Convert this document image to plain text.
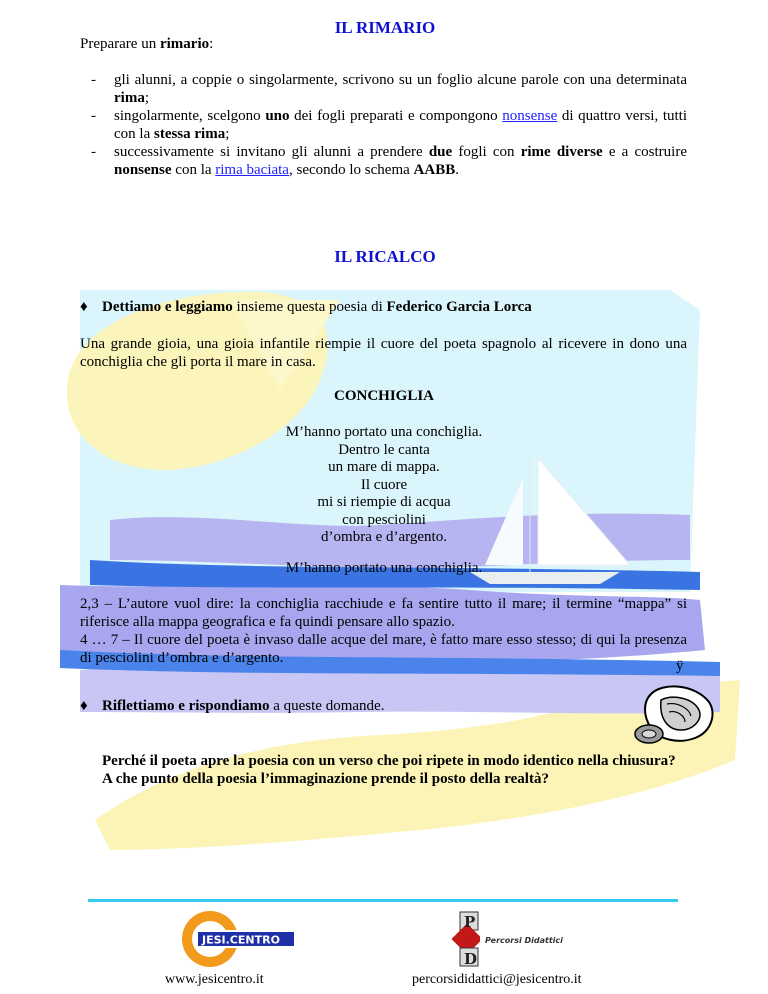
IL RIMARIO

Preparare un rimario:

- gli alunni, a coppie o singolarmente, scrivono su un foglio alcune parole con una determinata rima;
- singolarmente, scelgono uno dei fogli preparati e compongono nonsense di quattro versi, tutti con la stessa rima;
- successivamente si invitano gli alunni a prendere due fogli con rime diverse e a costruire nonsense con la rima baciata, secondo lo schema AABB.
IL RICALCO

♦ Dettiamo e leggiamo insieme questa poesia di Federico Garcia Lorca

Una grande gioia, una gioia infantile riempie il cuore del poeta spagnolo al ricevere in dono una conchiglia che gli porta il mare in casa.

CONCHIGLIA
M’hanno portato una conchiglia.
Dentro le canta
un mare di mappa.
Il cuore
mi si riempie di acqua
con pesciolini
d’ombra e d’argento.
M’hanno portato una conchiglia.

2,3 – L’autore vuol dire: la conchiglia racchiude e fa sentire tutto il mare; il termine “mappa” si riferisce alla mappa geografica e fa quindi pensare allo spazio.

4 … 7 – Il cuore del poeta è invaso dalle acque del mare, è fatto mare esso stesso; di qui la presenza di pesciolini d’ombra e d’argento.	ÿ

♦ Riflettiamo e rispondiamo a queste domande.

Perché il poeta apre la poesia con un verso che poi ripete in modo identico nella chiusura?
A che punto della poesia l’immaginazione prende il posto della realtà?
JESI.CENTRO
P
D
Percorsi Didattici
www.jesicentro.it	percorsididattici@jesicentro.it
